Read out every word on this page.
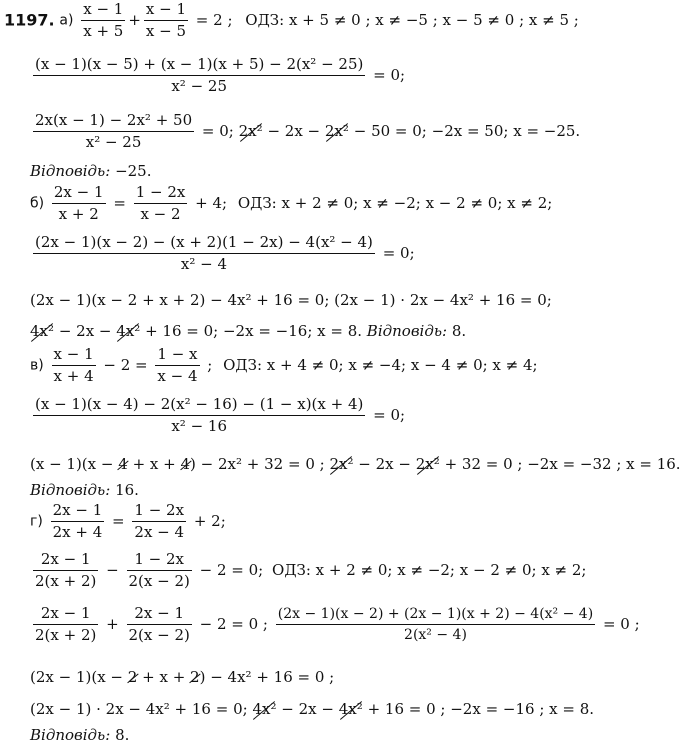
1197. $а) \frac{x - 1}{x + 5} + \frac{x - 1}{x - 5} = 2$ ; ОДЗ: x + 5 ≠ 0 ; x ≠ −5 ; x − 5 ≠ 0 ; x ≠ 5 ;
$\frac{\text{(x − 1)(x − 5) + (x − 1)(x + 5) − 2(x² − 25)}}{\text{x² − 25}} = 0$;
$\frac{\text{2x(x − 1) − 2x² + 50}}{\text{x² − 25}} = 0$; 2x² − 2x − 2x² − 50 = 0; −2x = 50; x = −25.
Відповідь: −25.
$б) \frac{2x - 1}{x + 2} = \frac{1 - 2x}{x - 2} + 4$; ОДЗ: x + 2 ≠ 0; x ≠ −2; x − 2 ≠ 0; x ≠ 2;
$\frac{\text{(2x − 1)(x − 2) − (x + 2)(1 − 2x) − 4(x² − 4)}}{\text{x² − 4}} = 0$;
(2x − 1)(x − 2 + x + 2) − 4x² + 16 = 0; (2x − 1) · 2x − 4x² + 16 = 0;
4x² − 2x − 4x² + 16 = 0; −2x = −16; x = 8. Відповідь: 8.
$в) \frac{x - 1}{x + 4} - 2 = \frac{1 - x}{x - 4}$ ; ОДЗ: x + 4 ≠ 0; x ≠ −4; x − 4 ≠ 0; x ≠ 4;
$\frac{\text{(x − 1)(x − 4) − 2(x² − 16) − (1 − x)(x + 4)}}{\text{x² − 16}} = 0$;
(x − 1)(x − 4 + x + 4) − 2x² + 32 = 0 ; 2x² − 2x − 2x² + 32 = 0 ; −2x = −32 ; x = 16.
Відповідь: 16.
$г) \frac{2x - 1}{2x + 4} = \frac{1 - 2x}{2x - 4} + 2$;
$\frac{2x - 1}{2(x + 2)} - \frac{1 - 2x}{2(x - 2)} - 2 = 0$; ОДЗ: x + 2 ≠ 0; x ≠ −2; x − 2 ≠ 0; x ≠ 2;
$\frac{2x - 1}{2(x + 2)} + \frac{2x - 1}{2(x - 2)} - 2 = 0$ ; $\frac{\text{(2x − 1)(x − 2) + (2x − 1)(x + 2) − 4(x² − 4)}}{\text{2(x² − 4)}} = 0$ ;
(2x − 1)(x − 2 + x + 2) − 4x² + 16 = 0 ;
(2x − 1) · 2x − 4x² + 16 = 0; 4x² − 2x − 4x² + 16 = 0 ; −2x = −16 ; x = 8.
Відповідь: 8.
